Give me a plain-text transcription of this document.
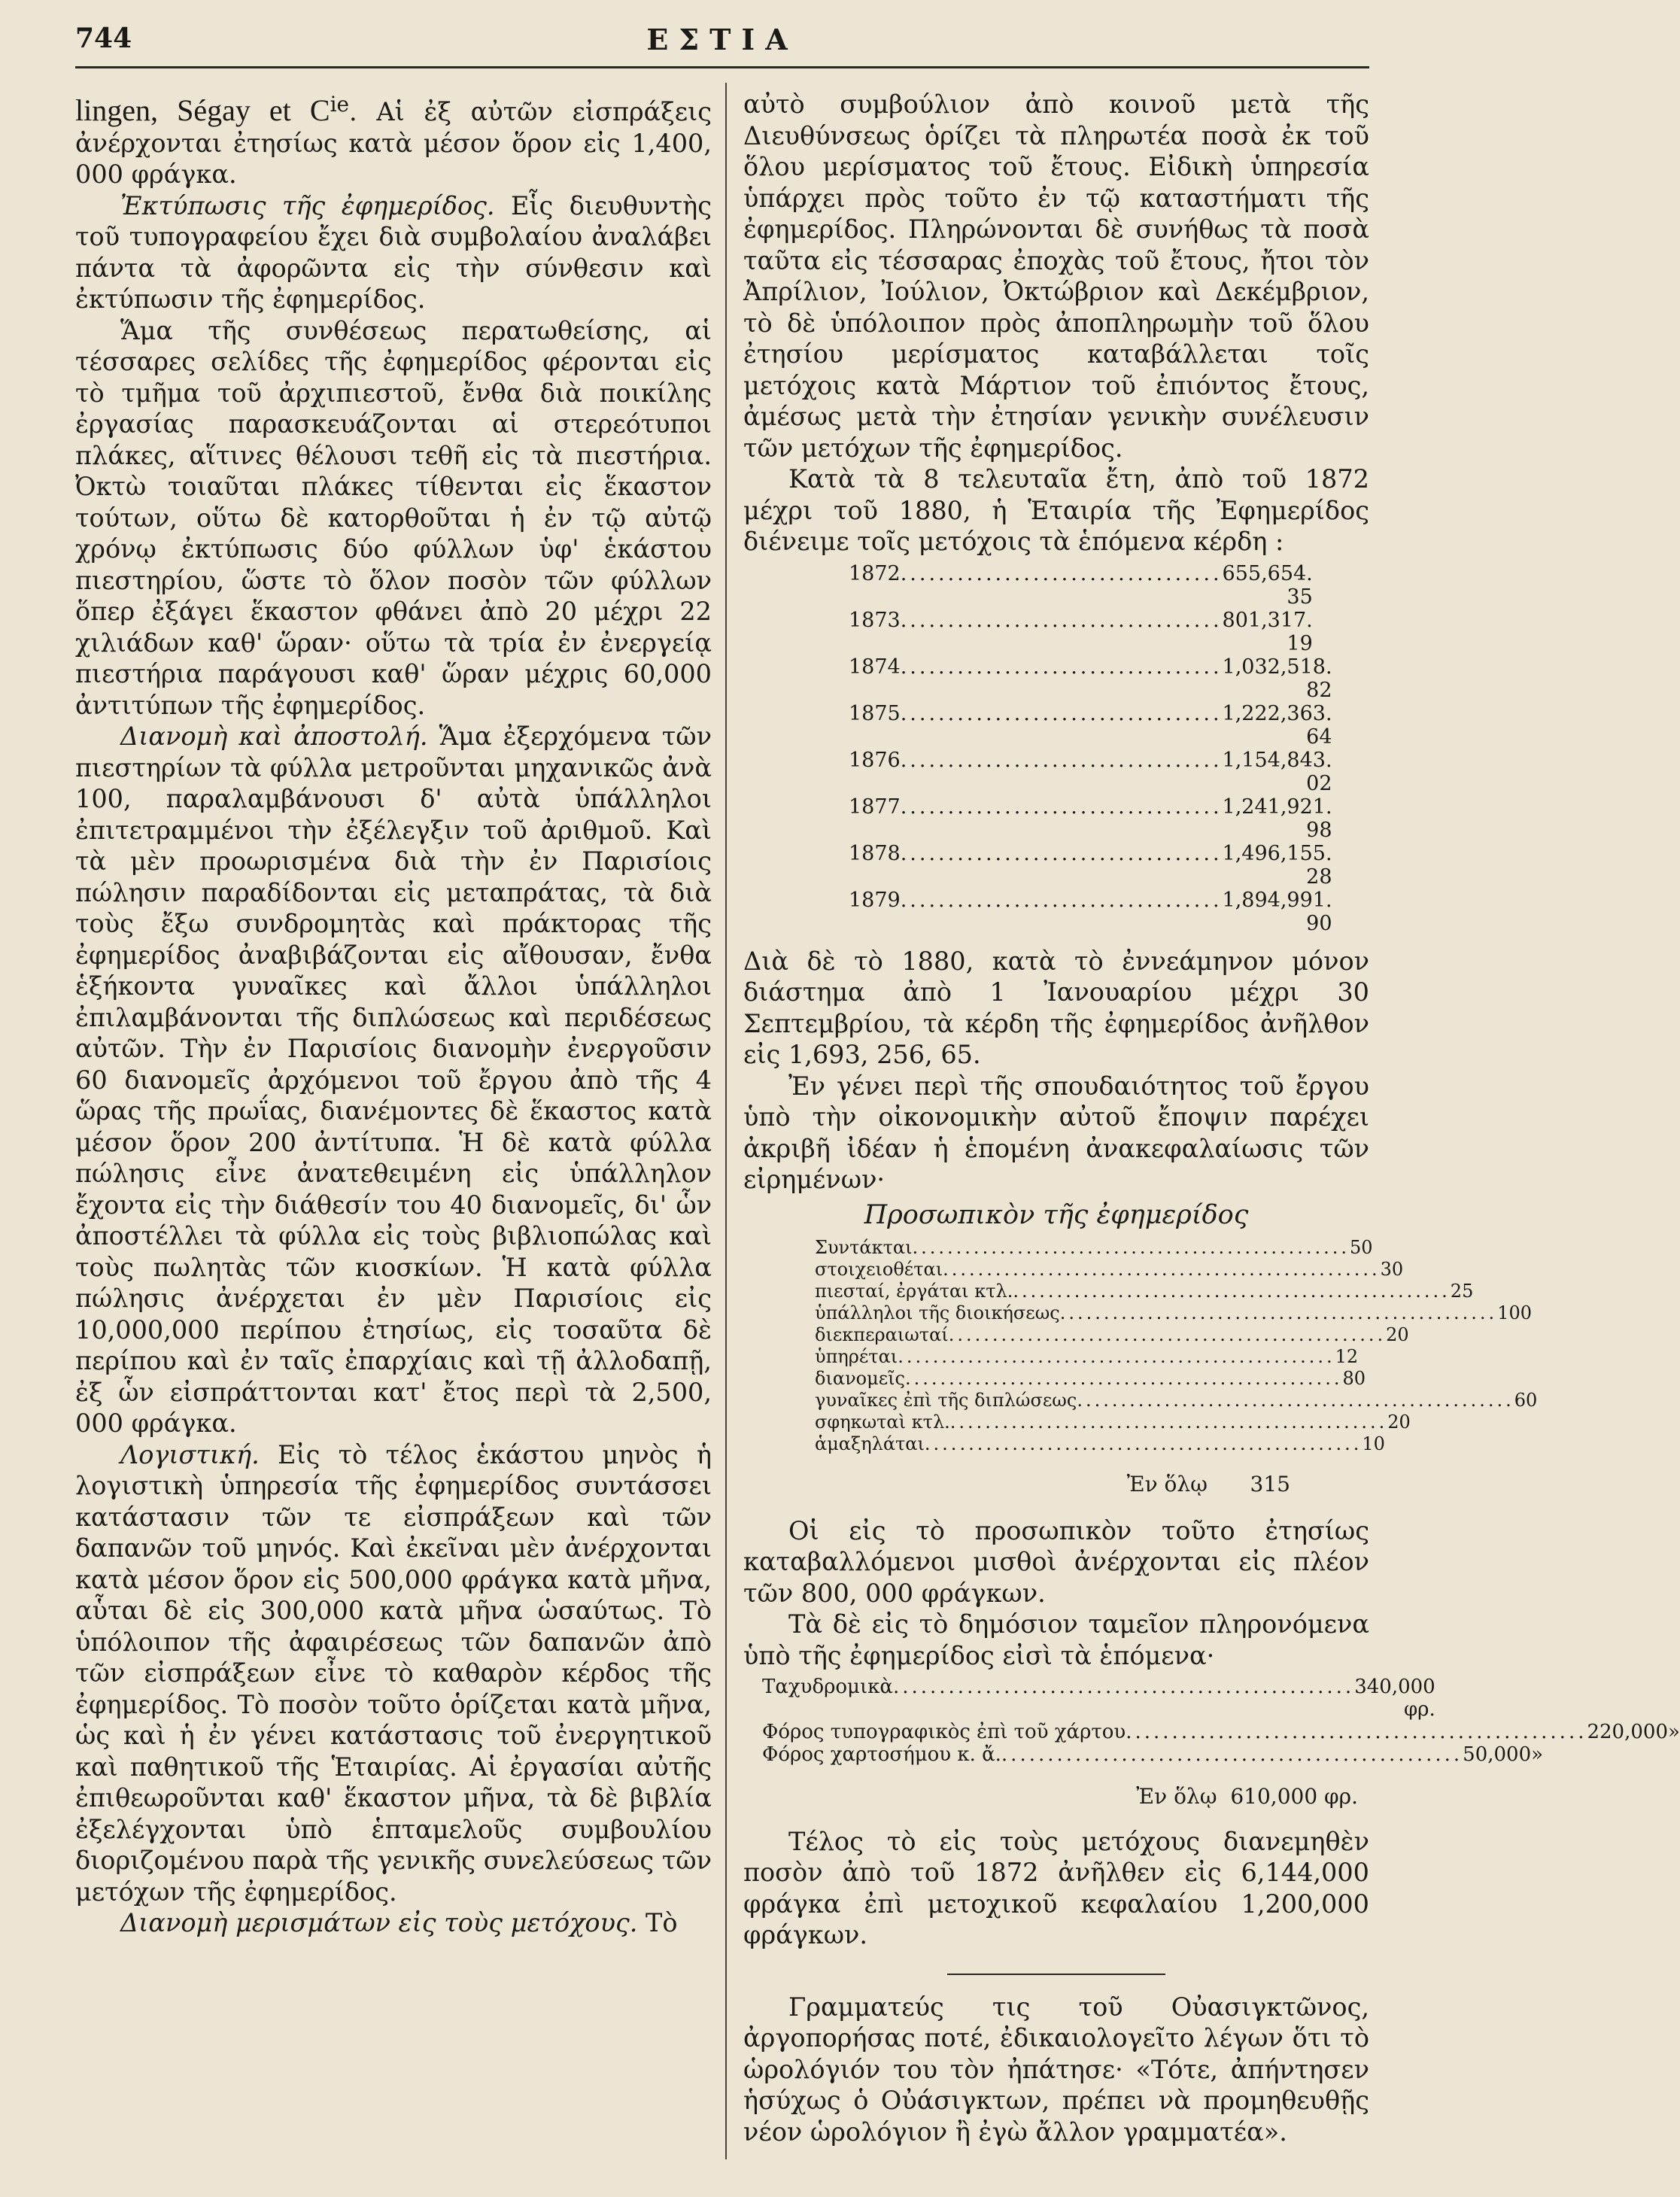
744	ΕΣΤΙΑ

lingen, Ségay et $C^{ie}$. Αἱ ἐξ αὐτῶν εἰσπράξεις ἀνέρχονται ἐτησίως κατὰ μέσον ὅρον εἰς 1,400, 000 φράγκα.

Ἐκτύπωσις τῆς ἐφημερίδος. Εἷς διευθυντὴς τοῦ τυπογραφείου ἔχει διὰ συμβολαίου ἀναλάβει πάντα τὰ ἀφορῶντα εἰς τὴν σύνθεσιν καὶ ἐκτύπωσιν τῆς ἐφημερίδος.

Ἅμα τῆς συνθέσεως περατωθείσης, αἱ τέσσαρες σελίδες τῆς ἐφημερίδος φέρονται εἰς τὸ τμῆμα τοῦ ἀρχιπιεστοῦ, ἔνθα διὰ ποικίλης ἐργασίας παρασκευάζονται αἱ στερεότυποι πλάκες, αἵτινες θέλουσι τεθῆ εἰς τὰ πιεστήρια. Ὀκτὼ τοιαῦται πλάκες τίθενται εἰς ἕκαστον τούτων, οὕτω δὲ κατορθοῦται ἡ ἐν τῷ αὐτῷ χρόνῳ ἐκτύπωσις δύο φύλλων ὑφ' ἑκάστου πιεστηρίου, ὥστε τὸ ὅλον ποσὸν τῶν φύλλων ὅπερ ἐξάγει ἕκαστον φθάνει ἀπὸ 20 μέχρι 22 χιλιάδων καθ' ὥραν· οὕτω τὰ τρία ἐν ἐνεργείᾳ πιεστήρια παράγουσι καθ' ὥραν μέχρις 60,000 ἀντιτύπων τῆς ἐφημερίδος.

Διανομὴ καὶ ἀποστολή. Ἅμα ἐξερχόμενα τῶν πιεστηρίων τὰ φύλλα μετροῦνται μηχανικῶς ἀνὰ 100, παραλαμβάνουσι δ' αὐτὰ ὑπάλληλοι ἐπιτετραμμένοι τὴν ἐξέλεγξιν τοῦ ἀριθμοῦ. Καὶ τὰ μὲν προωρισμένα διὰ τὴν ἐν Παρισίοις πώλησιν παραδίδονται εἰς μεταπράτας, τὰ διὰ τοὺς ἔξω συνδρομητὰς καὶ πράκτορας τῆς ἐφημερίδος ἀναβιβάζονται εἰς αἴθουσαν, ἔνθα ἑξήκοντα γυναῖκες καὶ ἄλλοι ὑπάλληλοι ἐπιλαμβάνονται τῆς διπλώσεως καὶ περιδέσεως αὐτῶν. Τὴν ἐν Παρισίοις διανομὴν ἐνεργοῦσιν 60 διανομεῖς ἀρχόμενοι τοῦ ἔργου ἀπὸ τῆς 4 ὥρας τῆς πρωΐας, διανέμοντες δὲ ἕκαστος κατὰ μέσον ὅρον 200 ἀντίτυπα. Ἡ δὲ κατὰ φύλλα πώλησις εἶνε ἀνατεθειμένη εἰς ὑπάλληλον ἔχοντα εἰς τὴν διάθεσίν του 40 διανομεῖς, δι' ὧν ἀποστέλλει τὰ φύλλα εἰς τοὺς βιβλιοπώλας καὶ τοὺς πωλητὰς τῶν κιοσκίων. Ἡ κατὰ φύλλα πώλησις ἀνέρχεται ἐν μὲν Παρισίοις εἰς 10,000,000 περίπου ἐτησίως, εἰς τοσαῦτα δὲ περίπου καὶ ἐν ταῖς ἐπαρχίαις καὶ τῇ ἀλλοδαπῇ, ἐξ ὧν εἰσπράττονται κατ' ἔτος περὶ τὰ 2,500, 000 φράγκα.

Λογιστική. Εἰς τὸ τέλος ἑκάστου μηνὸς ἡ λογιστικὴ ὑπηρεσία τῆς ἐφημερίδος συντάσσει κατάστασιν τῶν τε εἰσπράξεων καὶ τῶν δαπανῶν τοῦ μηνός. Καὶ ἐκεῖναι μὲν ἀνέρχονται κατὰ μέσον ὅρον εἰς 500,000 φράγκα κατὰ μῆνα, αὗται δὲ εἰς 300,000 κατὰ μῆνα ὡσαύτως. Τὸ ὑπόλοιπον τῆς ἀφαιρέσεως τῶν δαπανῶν ἀπὸ τῶν εἰσπράξεων εἶνε τὸ καθαρὸν κέρδος τῆς ἐφημερίδος. Τὸ ποσὸν τοῦτο ὁρίζεται κατὰ μῆνα, ὡς καὶ ἡ ἐν γένει κατάστασις τοῦ ἐνεργητικοῦ καὶ παθητικοῦ τῆς Ἑταιρίας. Αἱ ἐργασίαι αὐτῆς ἐπιθεωροῦνται καθ' ἕκαστον μῆνα, τὰ δὲ βιβλία ἐξελέγχονται ὑπὸ ἑπταμελοῦς συμβουλίου διοριζομένου παρὰ τῆς γενικῆς συνελεύσεως τῶν μετόχων τῆς ἐφημερίδος.

Διανομὴ μερισμάτων εἰς τοὺς μετόχους. Τὸ

αὐτὸ συμβούλιον ἀπὸ κοινοῦ μετὰ τῆς Διευθύνσεως ὁρίζει τὰ πληρωτέα ποσὰ ἐκ τοῦ ὅλου μερίσματος τοῦ ἔτους. Εἰδικὴ ὑπηρεσία ὑπάρχει πρὸς τοῦτο ἐν τῷ καταστήματι τῆς ἐφημερίδος. Πληρώνονται δὲ συνήθως τὰ ποσὰ ταῦτα εἰς τέσσαρας ἐποχὰς τοῦ ἔτους, ἤτοι τὸν Ἀπρίλιον, Ἰούλιον, Ὀκτώβριον καὶ Δεκέμβριον, τὸ δὲ ὑπόλοιπον πρὸς ἀποπληρωμὴν τοῦ ὅλου ἐτησίου μερίσματος καταβάλλεται τοῖς μετόχοις κατὰ Μάρτιον τοῦ ἐπιόντος ἔτους, ἀμέσως μετὰ τὴν ἐτησίαν γενικὴν συνέλευσιν τῶν μετόχων τῆς ἐφημερίδος.

Κατὰ τὰ 8 τελευταῖα ἔτη, ἀπὸ τοῦ 1872 μέχρι τοῦ 1880, ἡ Ἑταιρία τῆς Ἐφημερίδος διένειμε τοῖς μετόχοις τὰ ἑπόμενα κέρδη :

1872 .................................. 655,654. 35
1873 .................................. 801,317. 19
1874 .................................. 1,032,518. 82
1875 .................................. 1,222,363. 64
1876 .................................. 1,154,843. 02
1877 .................................. 1,241,921. 98
1878 .................................. 1,496,155. 28
1879 .................................. 1,894,991. 90

Διὰ δὲ τὸ 1880, κατὰ τὸ ἐννεάμηνον μόνον διάστημα ἀπὸ 1 Ἰανουαρίου μέχρι 30 Σεπτεμβρίου, τὰ κέρδη τῆς ἐφημερίδος ἀνῆλθον εἰς 1,693, 256, 65.

Ἐν γένει περὶ τῆς σπουδαιότητος τοῦ ἔργου ὑπὸ τὴν οἰκονομικὴν αὐτοῦ ἔποψιν παρέχει ἀκριβῆ ἰδέαν ἡ ἑπομένη ἀνακεφαλαίωσις τῶν εἰρημένων·

Προσωπικὸν τῆς ἐφημερίδος
Συντάκται .................................................. 50
στοιχειοθέται .................................................. 30
πιεσταί, ἐργάται κτλ. .................................................. 25
ὑπάλληλοι τῆς διοικήσεως .................................................. 100
διεκπεραιωταί .................................................. 20
ὑπηρέται .................................................. 12
διανομεῖς .................................................. 80
γυναῖκες ἐπὶ τῆς διπλώσεως .................................................. 60
σφηκωταὶ κτλ. .................................................. 20
ἁμαξηλάται .................................................. 10
Ἐν ὅλῳ	315

Οἱ εἰς τὸ προσωπικὸν τοῦτο ἐτησίως καταβαλλόμενοι μισθοὶ ἀνέρχονται εἰς πλέον τῶν 800, 000 φράγκων.

Τὰ δὲ εἰς τὸ δημόσιον ταμεῖον πληρονόμενα ὑπὸ τῆς ἐφημερίδος εἰσὶ τὰ ἑπόμενα·

Ταχυδρομικὰ .................................................. 340,000 φρ.
Φόρος τυπογραφικὸς ἐπὶ τοῦ χάρτου .................................................. 220,000 »
Φόρος χαρτοσήμου κ. ἄ. .................................................. 50,000 »
Ἐν ὅλῳ
610,000 φρ.

Τέλος τὸ εἰς τοὺς μετόχους διανεμηθὲν ποσὸν ἀπὸ τοῦ 1872 ἀνῆλθεν εἰς 6,144,000 φράγκα ἐπὶ μετοχικοῦ κεφαλαίου 1,200,000 φράγκων.

Γραμματεύς τις τοῦ Οὐασιγκτῶνος, ἀργοπορήσας ποτέ, ἐδικαιολογεῖτο λέγων ὅτι τὸ ὡρολόγιόν του τὸν ἠπάτησε· «Τότε, ἀπήντησεν ἡσύχως ὁ Οὐάσιγκτων, πρέπει νὰ προμηθευθῇς νέον ὡρολόγιον ἢ ἐγὼ ἄλλον γραμματέα».
